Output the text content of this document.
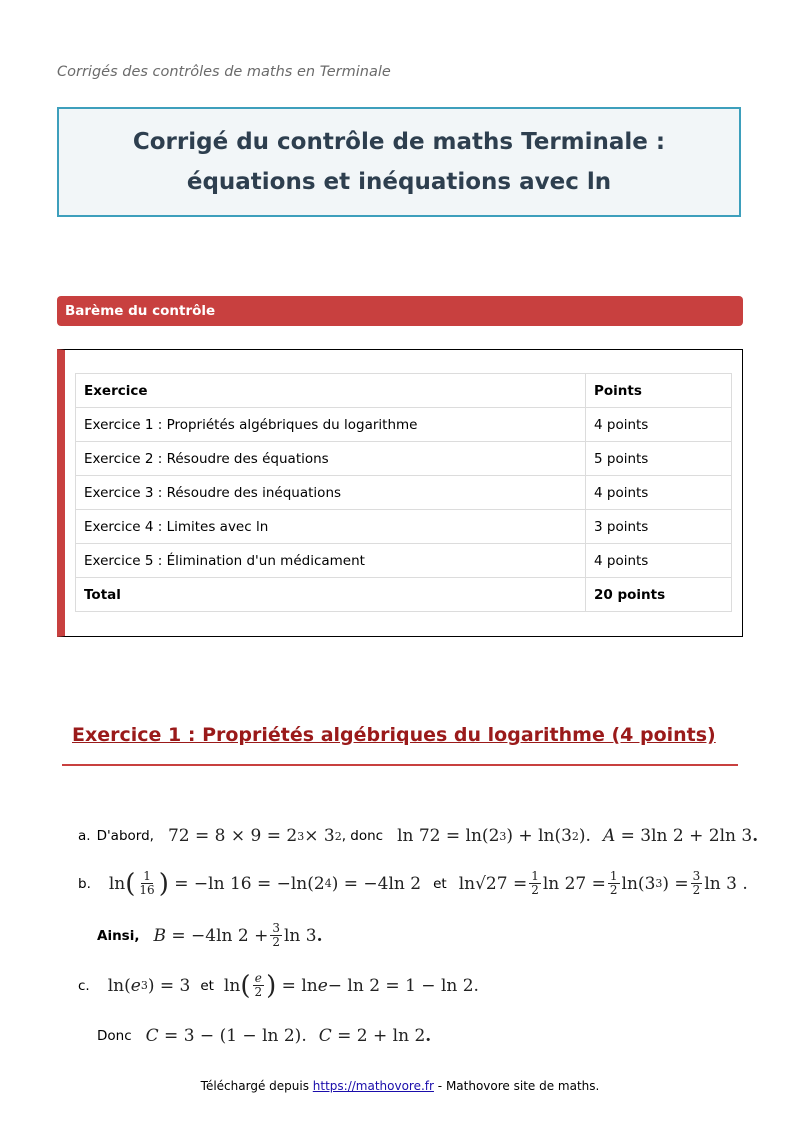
Corrigés des contrôles de maths en Terminale
Corrigé du contrôle de maths Terminale : équations et inéquations avec ln
Barème du contrôle
Exercice	Points
Exercice 1 : Propriétés algébriques du logarithme	4 points
Exercice 2 : Résoudre des équations	5 points
Exercice 3 : Résoudre des inéquations	4 points
Exercice 4 : Limites avec ln	3 points
Exercice 5 : Élimination d'un médicament	4 points
Total	20 points
Exercice 1 : Propriétés algébriques du logarithme (4 points)
a. D'abord, 72 = 8 × 9 = 2 3 × 3 2 , donc ln 72 = ln(2 3 ) + ln(3 2 ). A = 3ln 2 + 2ln 3 .
b. ln ( $\frac{1}{16}$ ) = −ln 16 = −ln(2 4 ) = −4ln 2 et $\ln√27 = \frac{1}{2}$ $\ln 27 = \frac{1}{2} \ln(3$ 3 ) = $\frac{3}{2}$ ln 3 .
Ainsi, B = −4ln $2 + \frac{3}{2}$ ln 3 .
c. ln( e 3 ) = 3 et ln ( $\frac{e}{2}$ ) = ln e − ln 2 = 1 − ln 2.
Donc C = 3 − (1 − ln 2). C = 2 + ln 2 .
Téléchargé depuis https://mathovore.fr - Mathovore site de maths.
